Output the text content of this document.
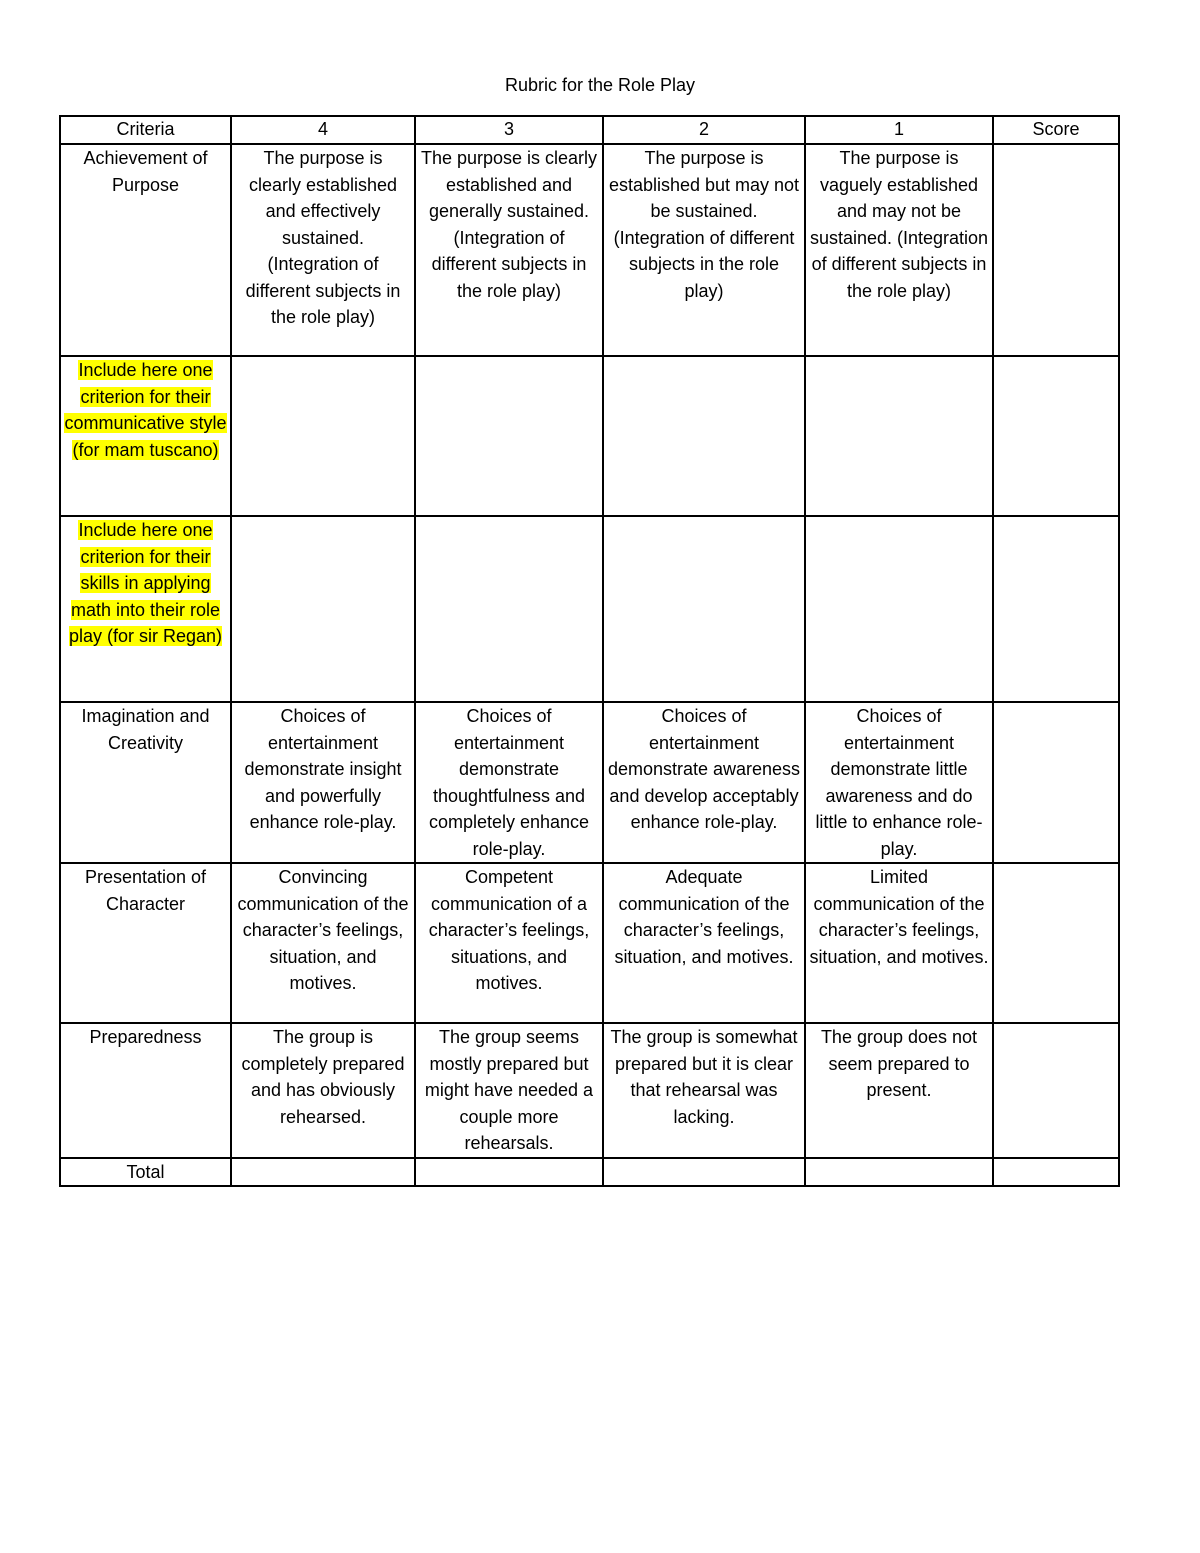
Rubric for the Role Play
Criteria	4	3	2	1	Score
Achievement of Purpose	The purpose is clearly established and effectively sustained. (Integration of different subjects in the role play)	The purpose is clearly established and generally sustained. (Integration of different subjects in the role play)	The purpose is established but may not be sustained. (Integration of different subjects in the role play)	The purpose is vaguely established and may not be sustained. (Integration of different subjects in the role play)	
Include here one criterion for their communicative style (for mam tuscano)					
Include here one criterion for their skills in applying math into their role play (for sir Regan)					
Imagination and Creativity	Choices of entertainment demonstrate insight and powerfully enhance role-play.	Choices of entertainment demonstrate thoughtfulness and completely enhance role-play.	Choices of entertainment demonstrate awareness and develop acceptably enhance role-play.	Choices of entertainment demonstrate little awareness and do little to enhance role-play.	
Presentation of Character	Convincing communication of the character’s feelings, situation, and motives.	Competent communication of a character’s feelings, situations, and motives.	Adequate communication of the character’s feelings, situation, and motives.	Limited communication of the character’s feelings, situation, and motives.	
Preparedness	The group is completely prepared and has obviously rehearsed.	The group seems mostly prepared but might have needed a couple more rehearsals.	The group is somewhat prepared but it is clear that rehearsal was lacking.	The group does not seem prepared to present.	
Total					
